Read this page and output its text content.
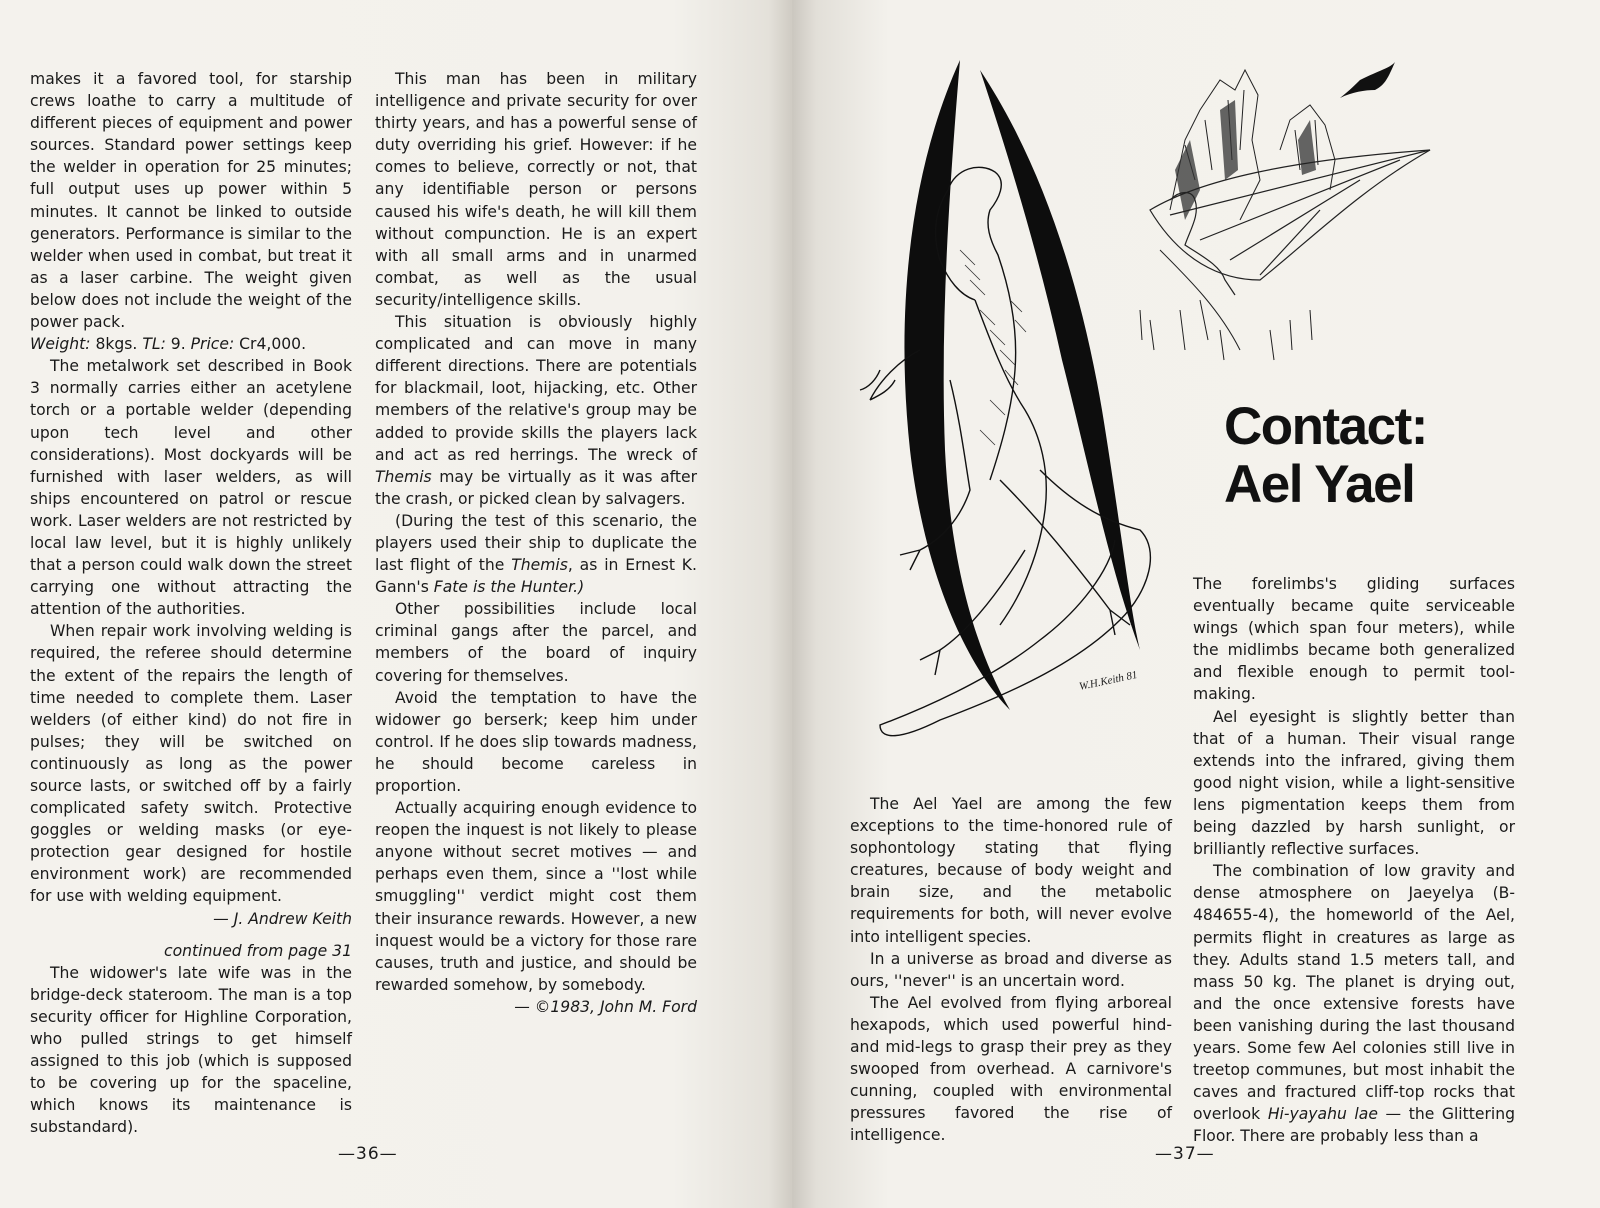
makes it a favored tool, for starship crews loathe to carry a multitude of different pieces of equipment and power sources. Standard power settings keep the welder in operation for 25 minutes; full output uses up power within 5 minutes. It cannot be linked to outside generators. Performance is similar to the welder when used in combat, but treat it as a laser carbine. The weight given below does not include the weight of the power pack.

Weight: 8kgs. TL: 9. Price: Cr4,000.

The metalwork set described in Book 3 normally carries either an acetylene torch or a portable welder (depending upon tech level and other considerations). Most dockyards will be furnished with laser welders, as will ships encountered on patrol or rescue work. Laser welders are not restricted by local law level, but it is highly unlikely that a person could walk down the street carrying one without attracting the attention of the authorities.

When repair work involving welding is required, the referee should determine the extent of the repairs the length of time needed to complete them. Laser welders (of either kind) do not fire in pulses; they will be switched on continuously as long as the power source lasts, or switched off by a fairly complicated safety switch. Protective goggles or welding masks (or eye-protection gear designed for hostile environment work) are recommended for use with welding equipment.

— J. Andrew Keith

continued from page 31

The widower's late wife was in the bridge-deck stateroom. The man is a top security officer for Highline Corporation, who pulled strings to get himself assigned to this job (which is supposed to be covering up for the spaceline, which knows its maintenance is substandard).

This man has been in military intelligence and private security for over thirty years, and has a powerful sense of duty overriding his grief. However: if he comes to believe, correctly or not, that any identifiable person or persons caused his wife's death, he will kill them without compunction. He is an expert with all small arms and in unarmed combat, as well as the usual security/intelligence skills.

This situation is obviously highly complicated and can move in many different directions. There are potentials for blackmail, loot, hijacking, etc. Other members of the relative's group may be added to provide skills the players lack and act as red herrings. The wreck of Themis may be virtually as it was after the crash, or picked clean by salvagers.

(During the test of this scenario, the players used their ship to duplicate the last flight of the Themis, as in Ernest K. Gann's Fate is the Hunter.)

Other possibilities include local criminal gangs after the parcel, and members of the board of inquiry covering for themselves.

Avoid the temptation to have the widower go berserk; keep him under control. If he does slip towards madness, he should become careless in proportion.

Actually acquiring enough evidence to reopen the inquest is not likely to please anyone without secret motives — and perhaps even them, since a ''lost while smuggling'' verdict might cost them their insurance rewards. However, a new inquest would be a victory for those rare causes, truth and justice, and should be rewarded somehow, by somebody.

— ©1983, John M. Ford

—36—
W.H.Keith 81
Contact:
Ael Yael

The Ael Yael are among the few exceptions to the time-honored rule of sophontology stating that flying creatures, because of body weight and brain size, and the metabolic requirements for both, will never evolve into intelligent species.

In a universe as broad and diverse as ours, ''never'' is an uncertain word.

The Ael evolved from flying arboreal hexapods, which used powerful hind- and mid-legs to grasp their prey as they swooped from overhead. A carnivore's cunning, coupled with environmental pressures favored the rise of intelligence.

The forelimbs's gliding surfaces eventually became quite serviceable wings (which span four meters), while the midlimbs became both generalized and flexible enough to permit tool-making.

Ael eyesight is slightly better than that of a human. Their visual range extends into the infrared, giving them good night vision, while a light-sensitive lens pigmentation keeps them from being dazzled by harsh sunlight, or brilliantly reflective surfaces.

The combination of low gravity and dense atmosphere on Jaeyelya (B-484655-4), the homeworld of the Ael, permits flight in creatures as large as they. Adults stand 1.5 meters tall, and mass 50 kg. The planet is drying out, and the once extensive forests have been vanishing during the last thousand years. Some few Ael colonies still live in treetop communes, but most inhabit the caves and fractured cliff-top rocks that overlook Hi-yayahu lae — the Glittering Floor. There are probably less than a

—37—
